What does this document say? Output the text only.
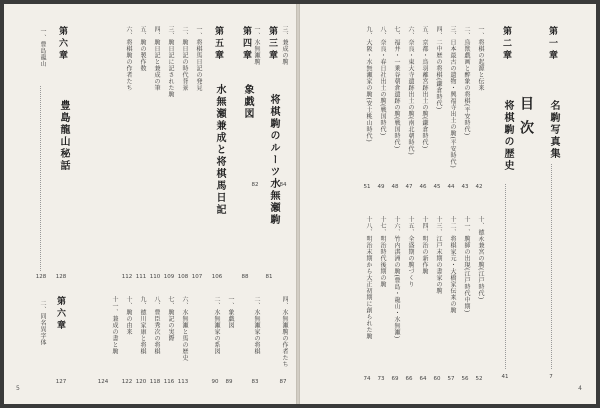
第六章
豊島龍山秘話
128
一、豊島龍山
128
第六章
二、同名異字体
127
第五章
水無瀬兼成と将棋馬日記
106
一、将棋馬日記の発見
107
二、駒日記の時代背景
108
三、駒日記に記された駒
109
四、駒日記と兼成の筆
110
五、駒の製作数
111
六、将棋駒の作者たち
112
六、水無瀬と馬の歴史
113
七、駒記の実際
116
八、豊臣秀次の将棋
118
九、徳川家康と将棋
120
十、駒の由来
122
十一、兼成の書と駒
124
第四章
象戯図
88
一、象戯図
89
二、水無瀬家の系図
90
第三章
将棋駒のルーツ水無瀬駒
81
一、水無瀬駒
82
二、水無瀬家の将棋
83
三、兼成の駒
84
四、水無瀬駒の作者たち
87
5
目次
第一章
名駒写真集
7
第二章
将棋駒の歴史
41
一、将棋の起源と伝来
42
二、鳥獣戯画と醉象の将棋(平安時代)
43
三、日本最古の遺物・興福寺出土の駒(平安時代)
44
四、二中歴の将棋(鎌倉時代)
45
五、京都・鳥羽離宮跡出土の駒(鎌倉時代)
46
六、奈良・東大寺遺跡出土の駒(南北朝時代)
47
七、福井・一乗谷朝倉遺跡の駒(戦国時代)
48
八、奈良・春日社出土の駒(戦国時代)
49
九、大阪・水無瀬家の駒(安土桃山時代)
51
十、徳永兼宮の駒(江戸時代)
52
十一、駒師の出現(江戸時代中期)
56
十二、将棋家元・大橋家伝来の駒
57
十三、江戸末期の書家の駒
60
十四、明治の新作駒
64
十五、全盛期の駒づくり
66
十六、竹内淇洲の駒(豊島・龍山・水無瀬)
69
十七、明治時代後期の駒
73
十八、明治末期から大正初期に創られた駒
74
4
